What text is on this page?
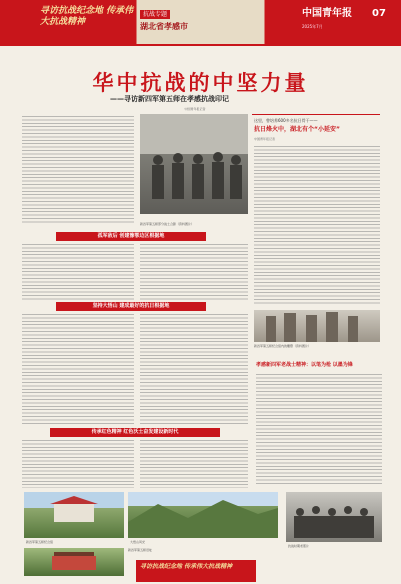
寻访抗战纪念地 传承伟大抗战精神
抗战专题
湖北省孝感市
中国青年报 07
2025年7月
华中抗战的中坚力量
——寻访新四军第五师在孝感抗战印记
中国青年报记者
新四军第五师部分战士合影（资料图片）
这里，曾培养600多名抗日骨干——
抗日烽火中，湖北有个“小延安”
中国青年报记者
新四军第五师纪念馆内的雕塑（资料图片）
孤军敌后 创建豫鄂边区根据地
坚持大悟山 建成最好的抗日根据地
传承红色精神 红色沃土奋发建设新时代
孝感新四军老战士精神：以笔为枪 以墨为锋
新四军第五师纪念馆	大悟山风光
新四军第五师旧址
抗战时期老照片
寻访抗战纪念地 传承伟大抗战精神
